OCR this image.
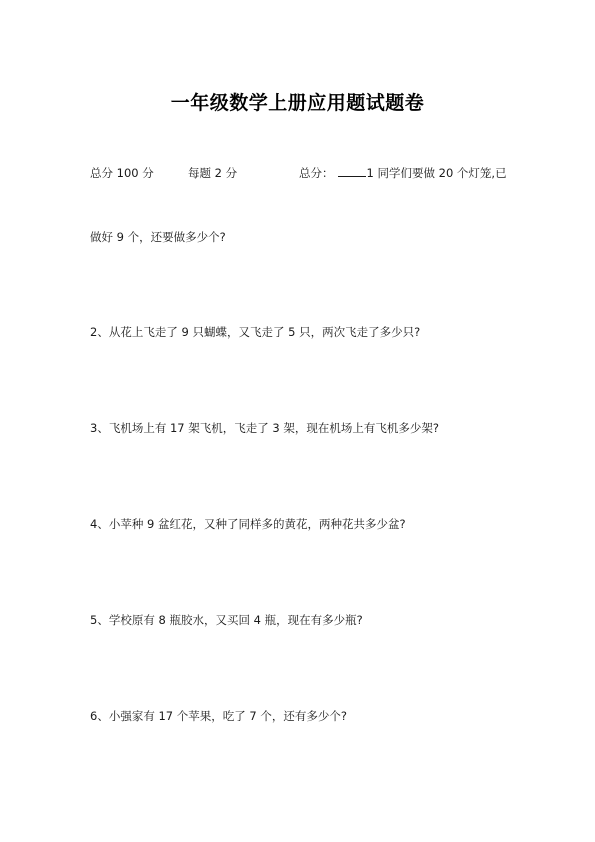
一年级数学上册应用题试题卷
总分 100 分	每题 2 分	总分：	1 同学们要做 20 个灯笼,已
做好 9 个，还要做多少个?
2、从花上飞走了 9 只蝴蝶，又飞走了 5 只，两次飞走了多少只?
3、飞机场上有 17 架飞机，飞走了 3 架，现在机场上有飞机多少架?
4、小苹种 9 盆红花，又种了同样多的黄花，两种花共多少盆?
5、学校原有 8 瓶胶水，又买回 4 瓶，现在有多少瓶?
6、小强家有 17 个苹果，吃了 7 个，还有多少个?
